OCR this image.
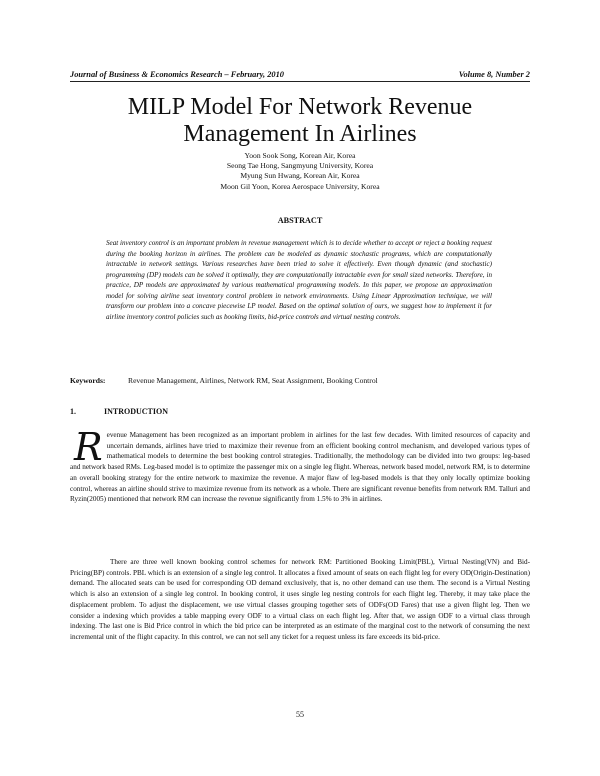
Journal of Business & Economics Research – February, 2010	Volume 8, Number 2
MILP Model For Network Revenue Management In Airlines
Yoon Sook Song, Korean Air, Korea
Seong Tae Hong, Sangmyung University, Korea
Myung Sun Hwang, Korean Air, Korea
Moon Gil Yoon, Korea Aerospace University, Korea
ABSTRACT

Seat inventory control is an important problem in revenue management which is to decide whether to accept or reject a booking request during the booking horizon in airlines. The problem can be modeled as dynamic stochastic programs, which are computationally intractable in network settings. Various researches have been tried to solve it effectively. Even though dynamic (and stochastic) programming (DP) models can be solved it optimally, they are computationally intractable even for small sized networks. Therefore, in practice, DP models are approximated by various mathematical programming models. In this paper, we propose an approximation model for solving airline seat inventory control problem in network environments. Using Linear Approximation technique, we will transform our problem into a concave piecewise LP model. Based on the optimal solution of ours, we suggest how to implement it for airline inventory control policies such as booking limits, bid-price controls and virtual nesting controls.

Keywords:	Revenue Management, Airlines, Network RM, Seat Assignment, Booking Control
1.	INTRODUCTION

Revenue Management has been recognized as an important problem in airlines for the last few decades. With limited resources of capacity and uncertain demands, airlines have tried to maximize their revenue from an efficient booking control mechanism, and developed various types of mathematical models to determine the best booking control strategies. Traditionally, the methodology can be divided into two groups: leg-based and network based RMs. Leg-based model is to optimize the passenger mix on a single leg flight. Whereas, network based model, network RM, is to determine an overall booking strategy for the entire network to maximize the revenue. A major flaw of leg-based models is that they only locally optimize booking control, whereas an airline should strive to maximize revenue from its network as a whole. There are significant revenue benefits from network RM. Talluri and Ryzin(2005) mentioned that network RM can increase the revenue significantly from 1.5% to 3% in airlines.

There are three well known booking control schemes for network RM: Partitioned Booking Limit(PBL), Virtual Nesting(VN) and Bid-Pricing(BP) controls. PBL which is an extension of a single leg control. It allocates a fixed amount of seats on each flight leg for every OD(Origin-Destination) demand. The allocated seats can be used for corresponding OD demand exclusively, that is, no other demand can use them. The second is a Virtual Nesting which is also an extension of a single leg control. In booking control, it uses single leg nesting controls for each flight leg. Thereby, it may take place the displacement problem. To adjust the displacement, we use virtual classes grouping together sets of ODFs(OD Fares) that use a given flight leg. Then we consider a indexing which provides a table mapping every ODF to a virtual class on each flight leg. After that, we assign ODF to a virtual class through indexing. The last one is Bid Price control in which the bid price can be interpreted as an estimate of the marginal cost to the network of consuming the next incremental unit of the flight capacity. In this control, we can not sell any ticket for a request unless its fare exceeds its bid-price.

55
